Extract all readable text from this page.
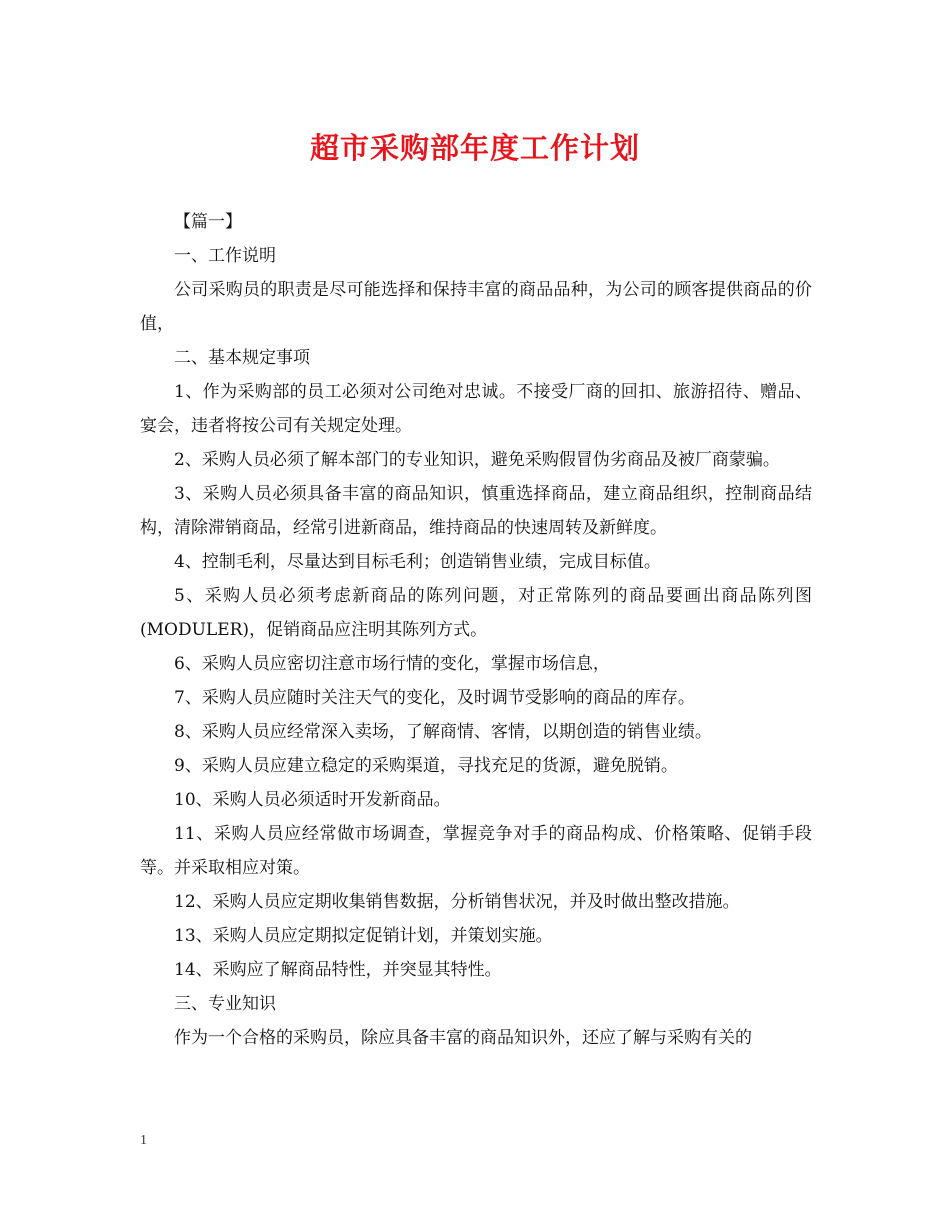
超市采购部年度工作计划

【篇一】

一、工作说明

公司采购员的职责是尽可能选择和保持丰富的商品品种，为公司的顾客提供商品的价值，

二、基本规定事项

1、作为采购部的员工必须对公司绝对忠诚。不接受厂商的回扣、旅游招待、赠品、宴会，违者将按公司有关规定处理。

2、采购人员必须了解本部门的专业知识，避免采购假冒伪劣商品及被厂商蒙骗。

3、采购人员必须具备丰富的商品知识，慎重选择商品，建立商品组织，控制商品结构，清除滞销商品，经常引进新商品，维持商品的快速周转及新鲜度。

4、控制毛利，尽量达到目标毛利；创造销售业绩，完成目标值。

5、采购人员必须考虑新商品的陈列问题，对正常陈列的商品要画出商品陈列图(MODULER)，促销商品应注明其陈列方式。

6、采购人员应密切注意市场行情的变化，掌握市场信息，

7、采购人员应随时关注天气的变化，及时调节受影响的商品的库存。

8、采购人员应经常深入卖场，了解商情、客情，以期创造的销售业绩。

9、采购人员应建立稳定的采购渠道，寻找充足的货源，避免脱销。

10、采购人员必须适时开发新商品。

11、采购人员应经常做市场调查，掌握竞争对手的商品构成、价格策略、促销手段等。并采取相应对策。

12、采购人员应定期收集销售数据，分析销售状况，并及时做出整改措施。

13、采购人员应定期拟定促销计划，并策划实施。

14、采购应了解商品特性，并突显其特性。

三、专业知识

作为一个合格的采购员，除应具备丰富的商品知识外，还应了解与采购有关的

1
